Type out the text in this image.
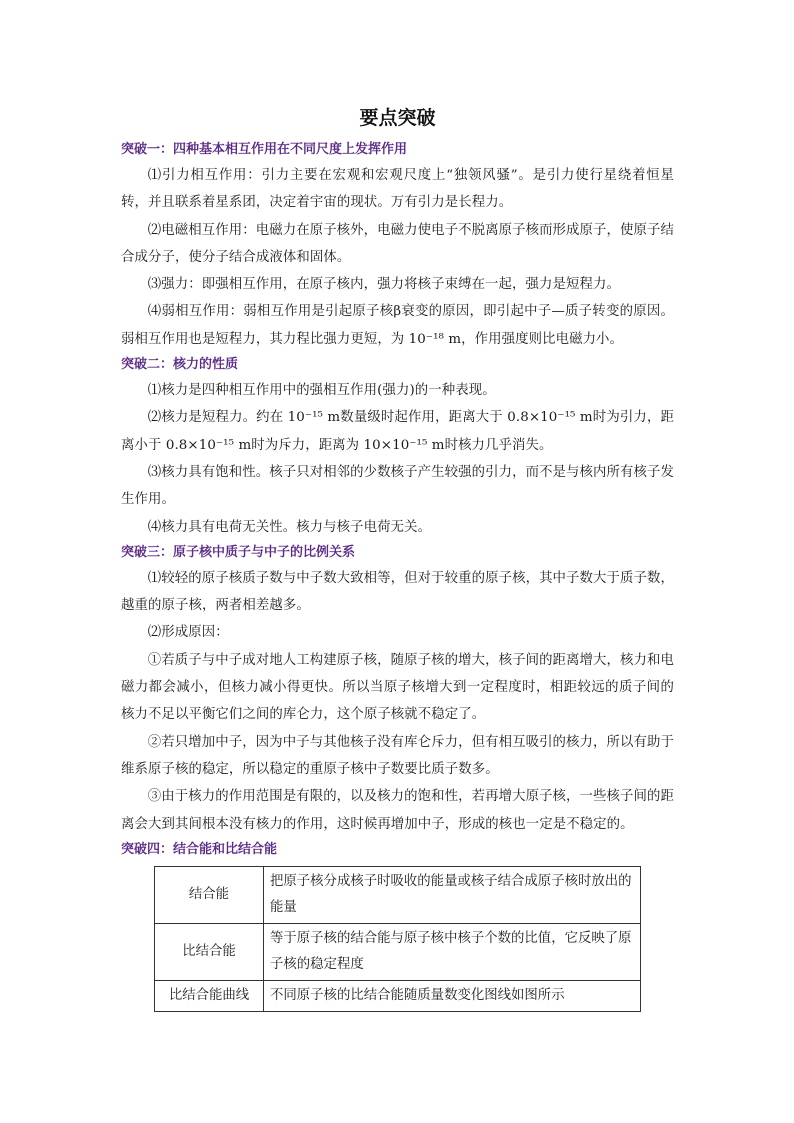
要点突破

突破一：四种基本相互作用在不同尺度上发挥作用

⑴引力相互作用：引力主要在宏观和宏观尺度上“独领风骚”。是引力使行星绕着恒星转，并且联系着星系团，决定着宇宙的现状。万有引力是长程力。

⑵电磁相互作用：电磁力在原子核外，电磁力使电子不脱离原子核而形成原子，使原子结合成分子，使分子结合成液体和固体。

⑶强力：即强相互作用，在原子核内，强力将核子束缚在一起，强力是短程力。

⑷弱相互作用：弱相互作用是引起原子核β衰变的原因，即引起中子—质子转变的原因。弱相互作用也是短程力，其力程比强力更短，为 10⁻¹⁸ m，作用强度则比电磁力小。

突破二：核力的性质

⑴核力是四种相互作用中的强相互作用(强力)的一种表现。

⑵核力是短程力。约在 10⁻¹⁵ m数量级时起作用，距离大于 0.8×10⁻¹⁵ m时为引力，距离小于 0.8×10⁻¹⁵ m时为斥力，距离为 10×10⁻¹⁵ m时核力几乎消失。

⑶核力具有饱和性。核子只对相邻的少数核子产生较强的引力，而不是与核内所有核子发生作用。

⑷核力具有电荷无关性。核力与核子电荷无关。

突破三：原子核中质子与中子的比例关系

⑴较轻的原子核质子数与中子数大致相等，但对于较重的原子核，其中子数大于质子数，越重的原子核，两者相差越多。

⑵形成原因：

①若质子与中子成对地人工构建原子核，随原子核的增大，核子间的距离增大，核力和电磁力都会减小，但核力减小得更快。所以当原子核增大到一定程度时，相距较远的质子间的核力不足以平衡它们之间的库仑力，这个原子核就不稳定了。

②若只增加中子，因为中子与其他核子没有库仑斥力，但有相互吸引的核力，所以有助于维系原子核的稳定，所以稳定的重原子核中子数要比质子数多。

③由于核力的作用范围是有限的，以及核力的饱和性，若再增大原子核，一些核子间的距离会大到其间根本没有核力的作用，这时候再增加中子，形成的核也一定是不稳定的。

突破四：结合能和比结合能

结合能	把原子核分成核子时吸收的能量或核子结合成原子核时放出的能量
比结合能	等于原子核的结合能与原子核中核子个数的比值，它反映了原子核的稳定程度
比结合能曲线	不同原子核的比结合能随质量数变化图线如图所示
